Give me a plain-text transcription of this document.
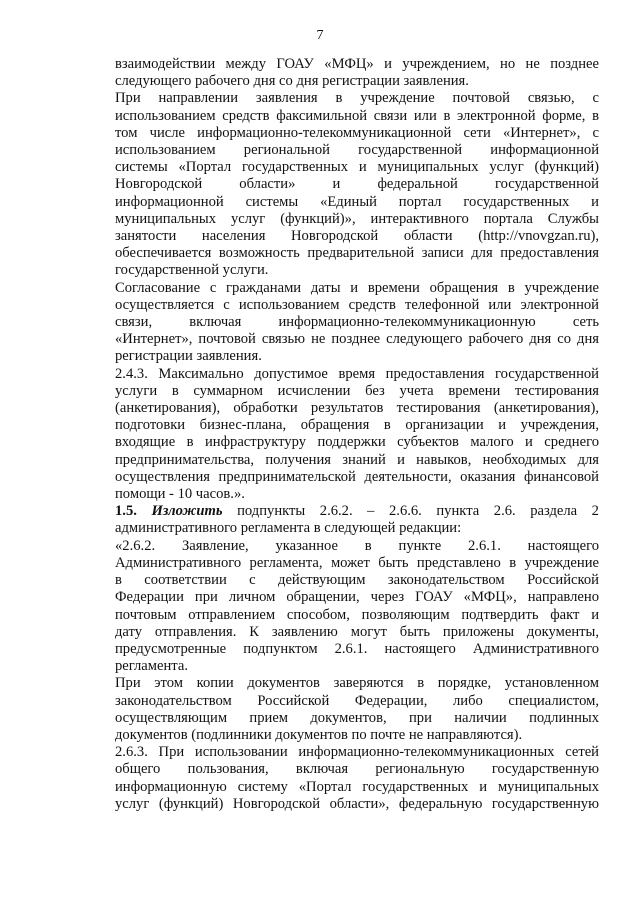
7
взаимодействии между ГОАУ «МФЦ» и учреждением, но не позднее
следующего рабочего дня со дня регистрации заявления.
При направлении заявления в учреждение почтовой связью, с
использованием средств факсимильной связи или в электронной форме, в
том числе информационно-телекоммуникационной сети «Интернет», с
использованием региональной государственной информационной
системы «Портал государственных и муниципальных услуг (функций)
Новгородской области» и федеральной государственной
информационной системы «Единый портал государственных и
муниципальных услуг (функций)», интерактивного портала Службы
занятости населения Новгородской области (http://vnovgzan.ru),
обеспечивается возможность предварительной записи для предоставления
государственной услуги.
Согласование с гражданами даты и времени обращения в учреждение
осуществляется с использованием средств телефонной или электронной
связи, включая информационно-телекоммуникационную сеть
«Интернет», почтовой связью не позднее следующего рабочего дня со дня
регистрации заявления.
2.4.3. Максимально допустимое время предоставления государственной
услуги в суммарном исчислении без учета времени тестирования
(анкетирования), обработки результатов тестирования (анкетирования),
подготовки бизнес-плана, обращения в организации и учреждения,
входящие в инфраструктуру поддержки субъектов малого и среднего
предпринимательства, получения знаний и навыков, необходимых для
осуществления предпринимательской деятельности, оказания финансовой
помощи - 10 часов.».
1.5. Изложить подпункты 2.6.2. – 2.6.6. пункта 2.6. раздела 2
административного регламента в следующей редакции:
«2.6.2. Заявление, указанное в пункте 2.6.1. настоящего
Административного регламента, может быть представлено в учреждение
в соответствии с действующим законодательством Российской
Федерации при личном обращении, через ГОАУ «МФЦ», направлено
почтовым отправлением способом, позволяющим подтвердить факт и
дату отправления. К заявлению могут быть приложены документы,
предусмотренные подпунктом 2.6.1. настоящего Административного
регламента.
При этом копии документов заверяются в порядке, установленном
законодательством Российской Федерации, либо специалистом,
осуществляющим прием документов, при наличии подлинных
документов (подлинники документов по почте не направляются).
2.6.3. При использовании информационно-телекоммуникационных сетей
общего пользования, включая региональную государственную
информационную систему «Портал государственных и муниципальных
услуг (функций) Новгородской области», федеральную государственную
